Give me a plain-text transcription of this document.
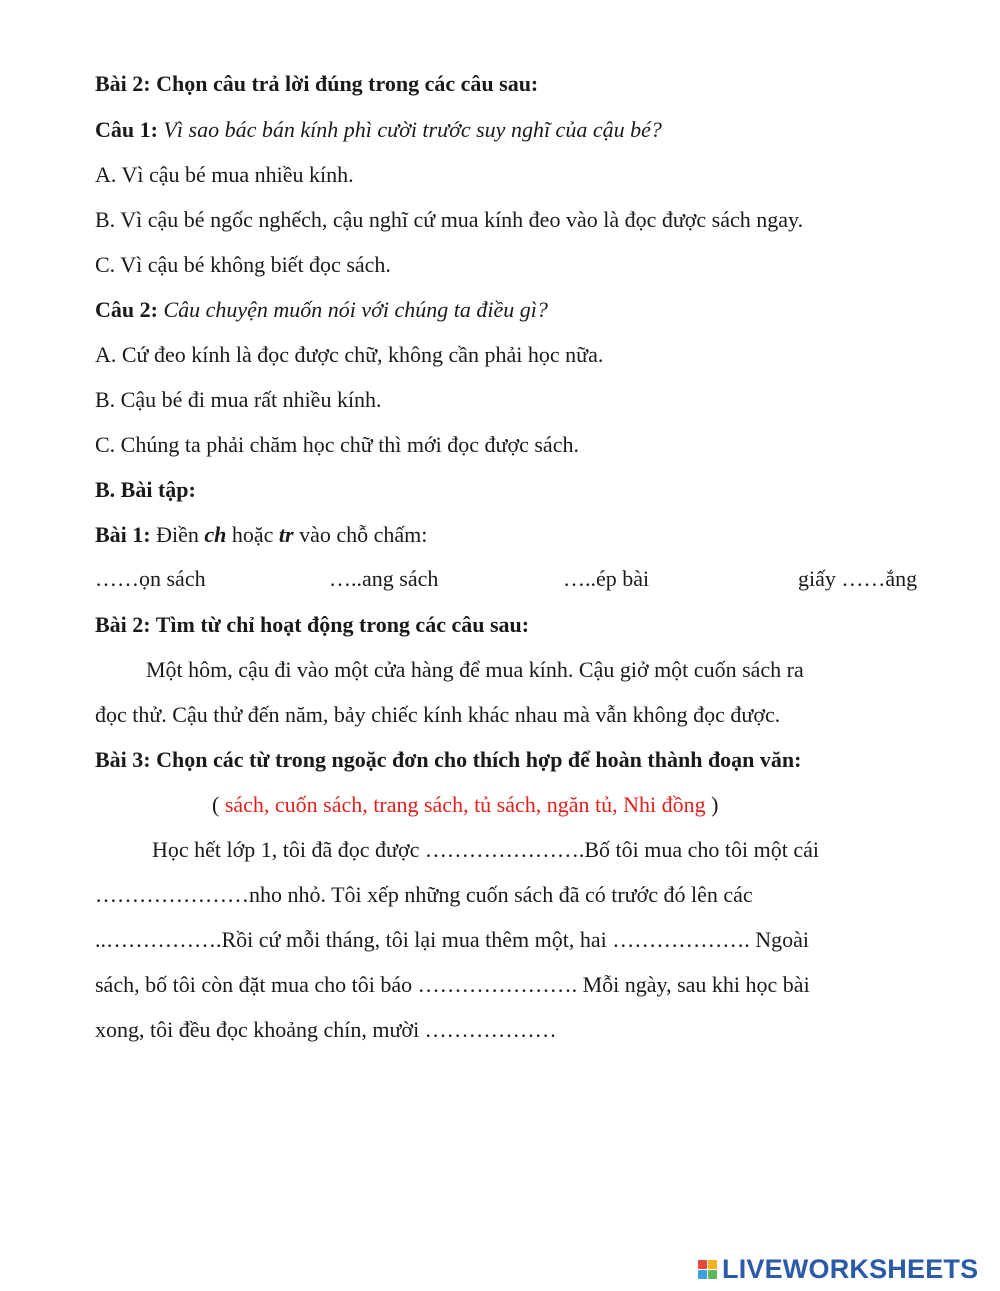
Bài 2: Chọn câu trả lời đúng trong các câu sau:
Câu 1: Vì sao bác bán kính phì cười trước suy nghĩ của cậu bé?
A. Vì cậu bé mua nhiều kính.
B. Vì cậu bé ngốc nghếch, cậu nghĩ cứ mua kính đeo vào là đọc được sách ngay.
C. Vì cậu bé không biết đọc sách.
Câu 2: Câu chuyện muốn nói với chúng ta điều gì?
A. Cứ đeo kính là đọc được chữ, không cần phải học nữa.
B. Cậu bé đi mua rất nhiều kính.
C. Chúng ta phải chăm học chữ thì mới đọc được sách.
B. Bài tập:
Bài 1: Điền ch hoặc tr vào chỗ chấm:
……ọn sách	…..ang sách	…..ép bài	giấy ……ắng
Bài 2: Tìm từ chỉ hoạt động trong các câu sau:
Một hôm, cậu đi vào một cửa hàng để mua kính. Cậu giở một cuốn sách ra
đọc thử. Cậu thử đến năm, bảy chiếc kính khác nhau mà vẫn không đọc được.
Bài 3: Chọn các từ trong ngoặc đơn cho thích hợp để hoàn thành đoạn văn:
( sách, cuốn sách, trang sách, tủ sách, ngăn tủ, Nhi đồng )
Học hết lớp 1, tôi đã đọc được ………………….Bố tôi mua cho tôi một cái
…………………nho nhỏ. Tôi xếp những cuốn sách đã có trước đó lên các
..…………….Rồi cứ mỗi tháng, tôi lại mua thêm một, hai ………………. Ngoài
sách, bố tôi còn đặt mua cho tôi báo …………………. Mỗi ngày, sau khi học bài
xong, tôi đều đọc khoảng chín, mười ………………
LIVEWORKSHEETS
